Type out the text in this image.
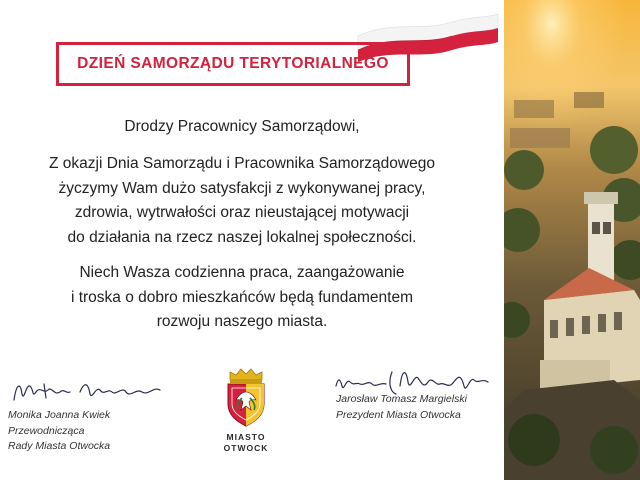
DZIEŃ SAMORZĄDU TERYTORIALNEGO
Drodzy Pracownicy Samorządowi,
Z okazji Dnia Samorządu i Pracownika Samorządowego
życzymy Wam dużo satysfakcji z wykonywanej pracy,
zdrowia, wytrwałości oraz nieustającej motywacji
do działania na rzecz naszej lokalnej społeczności.
Niech Wasza codzienna praca, zaangażowanie
i troska o dobro mieszkańców będą fundamentem
rozwoju naszego miasta.
Monika Joanna Kwiek
Przewodnicząca
Rady Miasta Otwocka
Jarosław Tomasz Margielski
Prezydent Miasta Otwocka
MIASTO
OTWOCK
